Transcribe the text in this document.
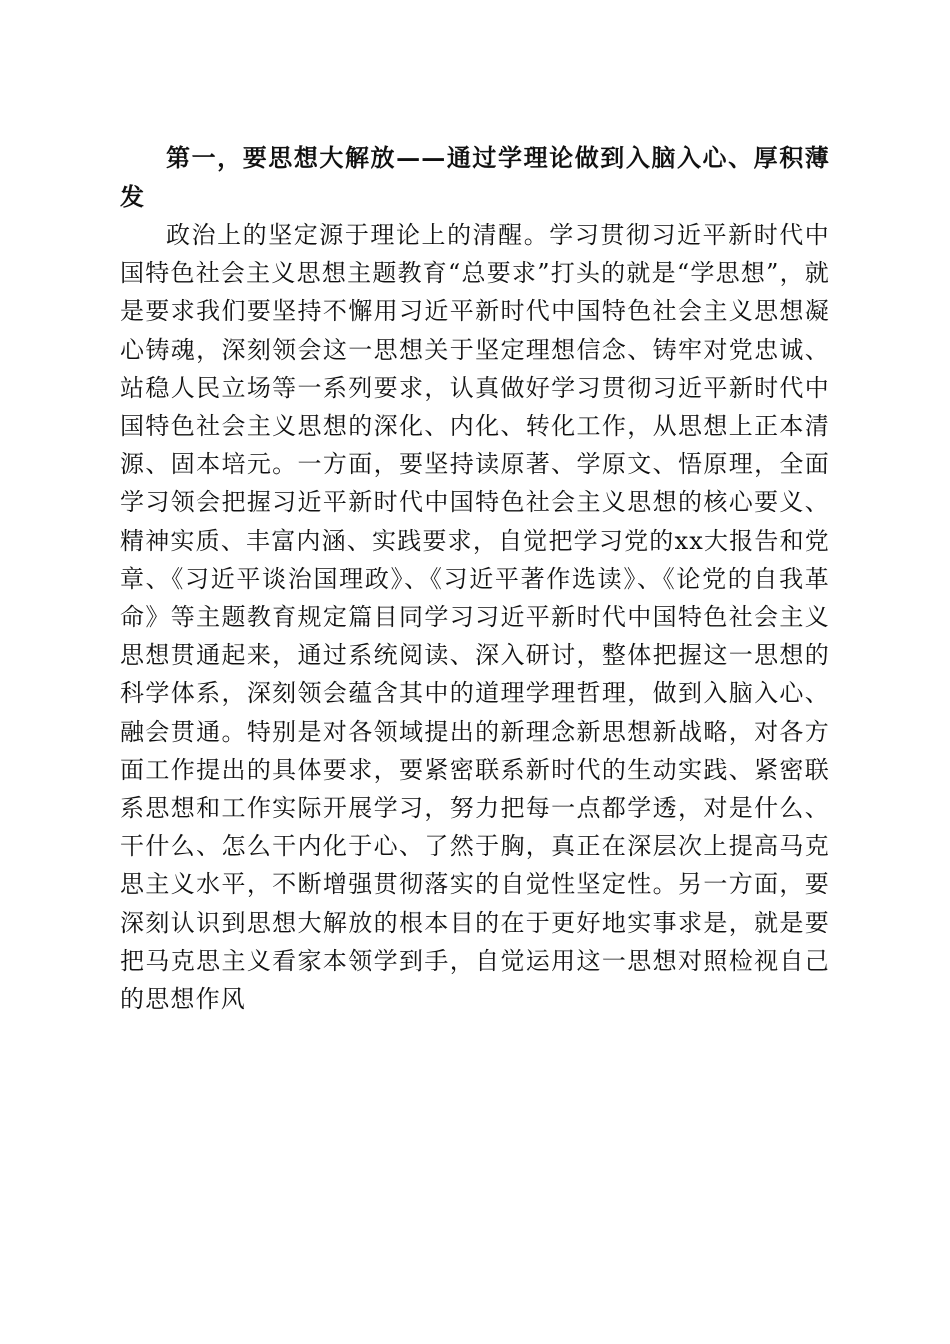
第一，要思想大解放——通过学理论做到入脑入心、厚积薄发

政治上的坚定源于理论上的清醒。学习贯彻习近平新时代中国特色社会主义思想主题教育“总要求”打头的就是“学思想”，就是要求我们要坚持不懈用习近平新时代中国特色社会主义思想凝心铸魂，深刻领会这一思想关于坚定理想信念、铸牢对党忠诚、站稳人民立场等一系列要求，认真做好学习贯彻习近平新时代中国特色社会主义思想的深化、内化、转化工作，从思想上正本清源、固本培元。一方面，要坚持读原著、学原文、悟原理，全面学习领会把握习近平新时代中国特色社会主义思想的核心要义、精神实质、丰富内涵、实践要求，自觉把学习党的xx大报告和党章、《习近平谈治国理政》、《习近平著作选读》、《论党的自我革命》等主题教育规定篇目同学习习近平新时代中国特色社会主义思想贯通起来，通过系统阅读、深入研讨，整体把握这一思想的科学体系，深刻领会蕴含其中的道理学理哲理，做到入脑入心、融会贯通。特别是对各领域提出的新理念新思想新战略，对各方面工作提出的具体要求，要紧密联系新时代的生动实践、紧密联系思想和工作实际开展学习，努力把每一点都学透，对是什么、干什么、怎么干内化于心、了然于胸，真正在深层次上提高马克思主义水平，不断增强贯彻落实的自觉性坚定性。另一方面，要深刻认识到思想大解放的根本目的在于更好地实事求是，就是要把马克思主义看家本领学到手，自觉运用这一思想对照检视自己的思想作风
